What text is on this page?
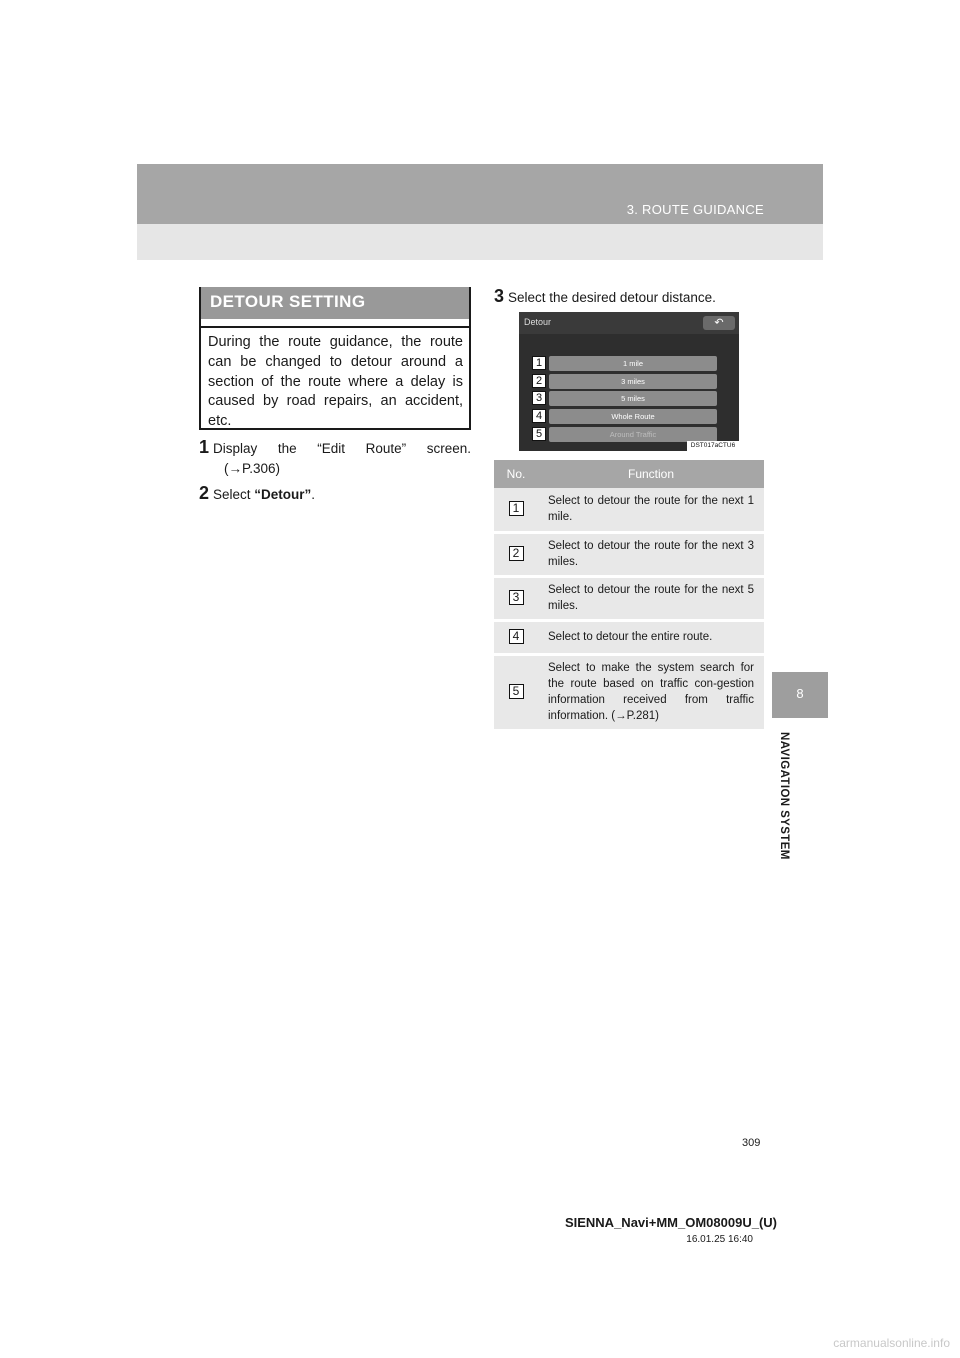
3. ROUTE GUIDANCE
8
NAVIGATION SYSTEM
DETOUR SETTING
During the route guidance, the route can be changed to detour around a section of the route where a delay is caused by road repairs, an accident, etc.
1 Display the “Edit Route” screen.
(→P.306)
2 Select “Detour”.
3 Select the desired detour distance.
Detour	↶
1 mile
3 miles
5 miles
Whole Route
Around Traffic
1
2
3
4
5
DST017aCTU6
No.	Function
1	Select to detour the route for the next 1 mile.
2	Select to detour the route for the next 3 miles.
3	Select to detour the route for the next 5 miles.
4	Select to detour the entire route.
5	Select to make the system search for the route based on traffic con-gestion information received from traffic information. (→P.281)
309
SIENNA_Navi+MM_OM08009U_(U)
16.01.25 16:40
carmanualsonline.info
